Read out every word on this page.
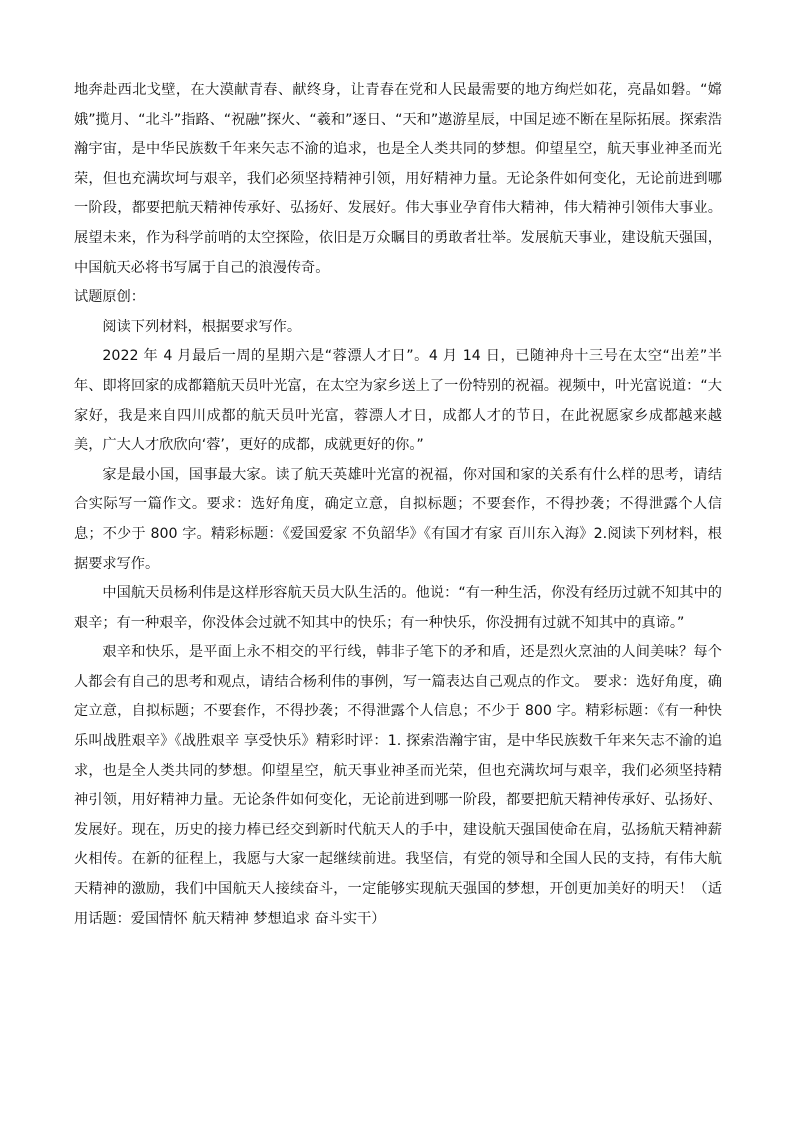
地奔赴西北戈壁，在大漠献青春、献终身，让青春在党和人民最需要的地方绚烂如花，亮晶如磐。“嫦娥”揽月、“北斗”指路、“祝融”探火、“羲和”逐日、“天和”遨游星辰，中国足迹不断在星际拓展。探索浩瀚宇宙，是中华民族数千年来矢志不渝的追求，也是全人类共同的梦想。仰望星空，航天事业神圣而光荣，但也充满坎坷与艰辛，我们必须坚持精神引领，用好精神力量。无论条件如何变化，无论前进到哪一阶段，都要把航天精神传承好、弘扬好、发展好。伟大事业孕育伟大精神，伟大精神引领伟大事业。展望未来，作为科学前哨的太空探险，依旧是万众瞩目的勇敢者壮举。发展航天事业，建设航天强国，中国航天必将书写属于自己的浪漫传奇。

试题原创：

阅读下列材料，根据要求写作。

2022 年 4 月最后一周的星期六是“蓉漂人才日”。4 月 14 日，已随神舟十三号在太空“出差”半年、即将回家的成都籍航天员叶光富，在太空为家乡送上了一份特别的祝福。视频中，叶光富说道：“大家好，我是来自四川成都的航天员叶光富，蓉漂人才日，成都人才的节日，在此祝愿家乡成都越来越美，广大人才欣欣向‘蓉’，更好的成都，成就更好的你。”

家是最小国，国事最大家。读了航天英雄叶光富的祝福，你对国和家的关系有什么样的思考，请结合实际写一篇作文。要求：选好角度，确定立意，自拟标题；不要套作，不得抄袭；不得泄露个人信息；不少于 800 字。精彩标题：《爱国爱家 不负韶华》《有国才有家 百川东入海》2.阅读下列材料，根据要求写作。

中国航天员杨利伟是这样形容航天员大队生活的。他说：“有一种生活，你没有经历过就不知其中的艰辛；有一种艰辛，你没体会过就不知其中的快乐；有一种快乐，你没拥有过就不知其中的真谛。”

艰辛和快乐，是平面上永不相交的平行线，韩非子笔下的矛和盾，还是烈火烹油的人间美味？每个人都会有自己的思考和观点，请结合杨利伟的事例，写一篇表达自己观点的作文。 要求：选好角度，确定立意，自拟标题；不要套作，不得抄袭；不得泄露个人信息；不少于 800 字。精彩标题：《有一种快乐叫战胜艰辛》《战胜艰辛 享受快乐》精彩时评：1. 探索浩瀚宇宙，是中华民族数千年来矢志不渝的追求，也是全人类共同的梦想。仰望星空，航天事业神圣而光荣，但也充满坎坷与艰辛，我们必须坚持精神引领，用好精神力量。无论条件如何变化，无论前进到哪一阶段，都要把航天精神传承好、弘扬好、发展好。现在，历史的接力棒已经交到新时代航天人的手中，建设航天强国使命在肩，弘扬航天精神薪火相传。在新的征程上，我愿与大家一起继续前进。我坚信，有党的领导和全国人民的支持，有伟大航天精神的激励，我们中国航天人接续奋斗，一定能够实现航天强国的梦想，开创更加美好的明天！（适用话题：爱国情怀 航天精神 梦想追求 奋斗实干）
